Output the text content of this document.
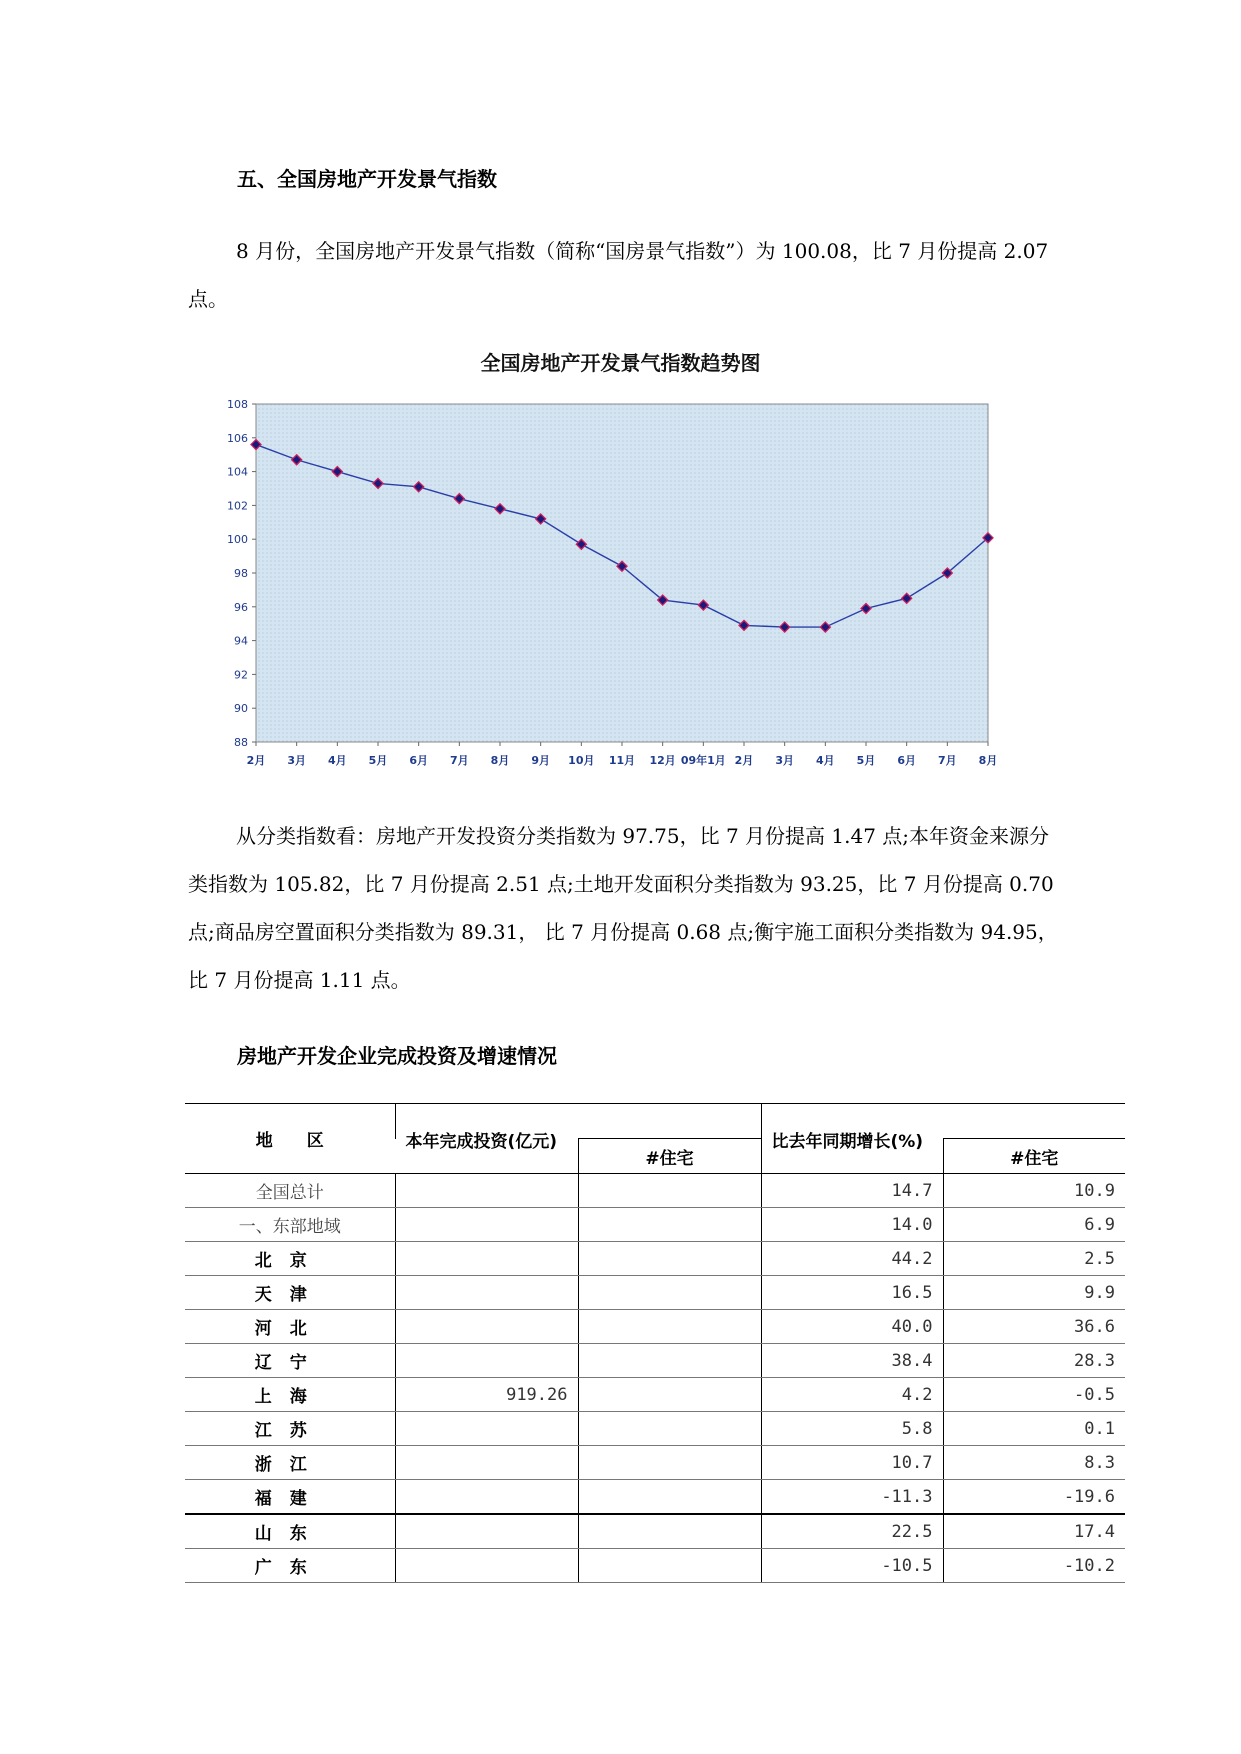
五、全国房地产开发景气指数
8 月份，全国房地产开发景气指数（简称“国房景气指数”）为 100.08，比 7 月份提高 2.07 点。
全国房地产开发景气指数趋势图
88
90
92
94
96
98
100
102
104
106
108
2月 3月 4月 5月 6月 7月 8月 9月 10月 11月 12月 09年1月 2月 3月 4月 5月 6月 7月 8月
从分类指数看：房地产开发投资分类指数为 97.75，比 7 月份提高 1.47 点;本年资金来源分类指数为 105.82，比 7 月份提高 2.51 点;土地开发面积分类指数为 93.25，比 7 月份提高 0.70 点;商品房空置面积分类指数为 89.31， 比 7 月份提高 0.68 点;衡宇施工面积分类指数为 94.95，比 7 月份提高 1.11 点。
房地产开发企业完成投资及增速情况
地　　区	本年完成投资(亿元)		比去年同期增长(%)	
		#住宅		#住宅
全国总计			14.7	10.9
一、东部地域			14.0	6.9
北京			44.2	2.5
天津			16.5	9.9
河北			40.0	36.6
辽宁			38.4	28.3
上海	919.26		4.2	-0.5
江苏			5.8	0.1
浙江			10.7	8.3
福建			-11.3	-19.6
山东			22.5	17.4
广东			-10.5	-10.2
